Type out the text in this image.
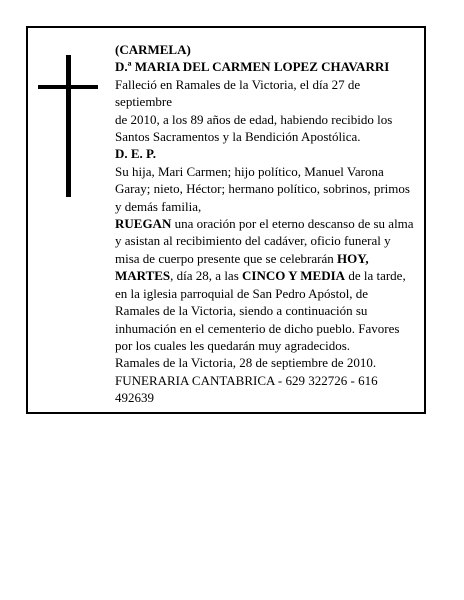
(CARMELA)

D.ª MARIA DEL CARMEN LOPEZ CHAVARRI

Falleció en Ramales de la Victoria, el día 27 de septiembre

de 2010, a los 89 años de edad, habiendo recibido los Santos Sacramentos y la Bendición Apostólica.

D. E. P.

Su hija, Mari Carmen; hijo político, Manuel Varona Garay; nieto, Héctor; hermano político, sobrinos, primos y demás familia,

RUEGAN una oración por el eterno descanso de su alma y asistan al recibimiento del cadáver, oficio funeral y misa de cuerpo presente que se celebrarán HOY, MARTES, día 28, a las CINCO Y MEDIA de la tarde, en la iglesia parroquial de San Pedro Apóstol, de Ramales de la Victoria, siendo a continuación su inhumación en el cementerio de dicho pueblo. Favores por los cuales les quedarán muy agradecidos.

Ramales de la Victoria, 28 de septiembre de 2010.

FUNERARIA CANTABRICA - 629 322726 - 616 492639
